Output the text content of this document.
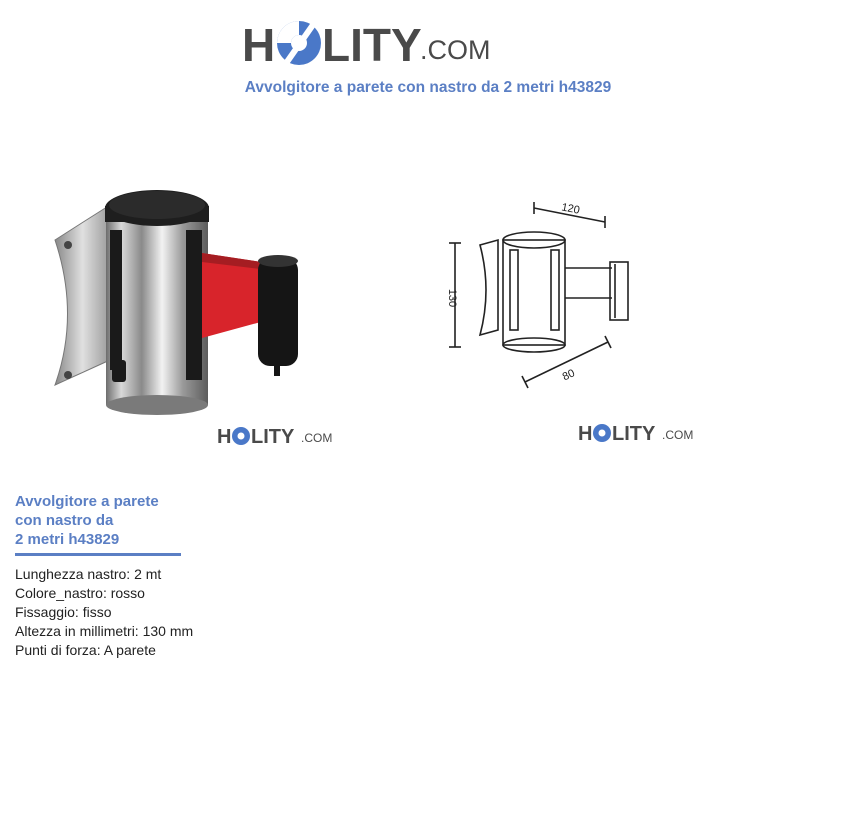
H LITY
.COM
Avvolgitore a parete con nastro da 2 metri h43829
130
120
80
H LITY .COM	H LITY .COM
Avvolgitore a parete
con nastro da
2 metri h43829
Lunghezza nastro: 2 mt
Colore_nastro: rosso
Fissaggio: fisso
Altezza in millimetri: 130 mm
Punti di forza: A parete
